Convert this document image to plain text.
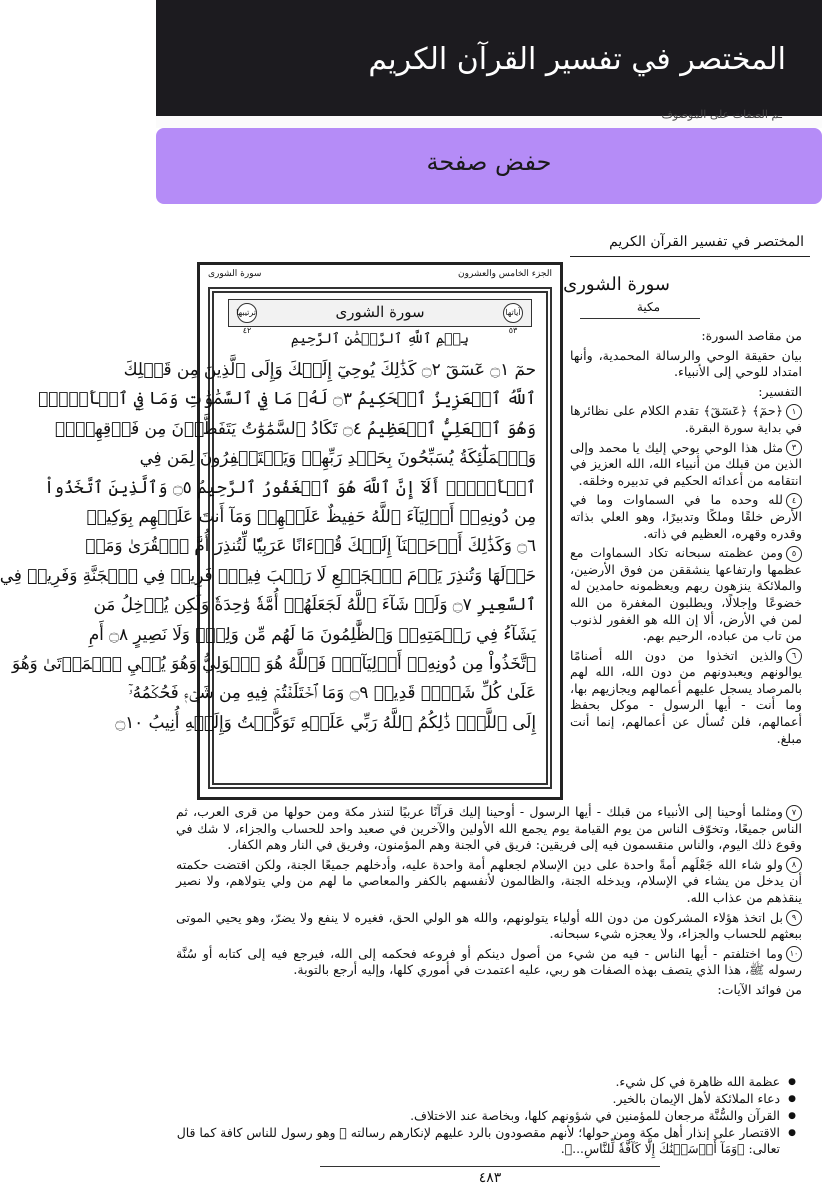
المختصر في تفسير القرآن الكريم
ـم الصفات على الموصوف
حفض صفحة
المختصر في تفسير القرآن الكريم
سورة الشورى
مكية
الجزء الخامس والعشرون
سورة الشورى
آياتها ٥٣
سورة الشورى
ترتيبها ٤٢
بِسۡمِ ٱللَّهِ ٱلرَّحۡمَٰنِ ٱلرَّحِيمِ
حمٓ ۝١ عٓسٓقٓ ۝٢ كَذَٰلِكَ يُوحِيٓ إِلَيۡكَ وَإِلَى ٱلَّذِينَ مِن قَبۡلِكَ
ٱللَّهُ ٱلۡعَزِيزُ ٱلۡحَكِيمُ ۝٣ لَهُۥ مَا فِي ٱلسَّمَٰوَٰتِ وَمَا فِي ٱلۡأَرۡضِۖ
وَهُوَ ٱلۡعَلِيُّ ٱلۡعَظِيمُ ۝٤ تَكَادُ ٱلسَّمَٰوَٰتُ يَتَفَطَّرۡنَ مِن فَوۡقِهِنَّۚ
وَٱلۡمَلَٰٓئِكَةُ يُسَبِّحُونَ بِحَمۡدِ رَبِّهِمۡ وَيَسۡتَغۡفِرُونَ لِمَن فِي
ٱلۡأَرۡضِۗ أَلَآ إِنَّ ٱللَّهَ هُوَ ٱلۡغَفُورُ ٱلرَّحِيمُ ۝٥ وَٱلَّذِينَ ٱتَّخَذُواْ
مِن دُونِهِۦٓ أَوۡلِيَآءَ ٱللَّهُ حَفِيظٌ عَلَيۡهِمۡ وَمَآ أَنتَ عَلَيۡهِم بِوَكِيلٖ
۝٦ وَكَذَٰلِكَ أَوۡحَيۡنَآ إِلَيۡكَ قُرۡءَانًا عَرَبِيّٗا لِّتُنذِرَ أُمَّ ٱلۡقُرَىٰ وَمَنۡ
حَوۡلَهَا وَتُنذِرَ يَوۡمَ ٱلۡجَمۡعِ لَا رَيۡبَ فِيهِۚ فَرِيقٞ فِي ٱلۡجَنَّةِ وَفَرِيقٞ فِي
ٱلسَّعِيرِ ۝٧ وَلَوۡ شَآءَ ٱللَّهُ لَجَعَلَهُمۡ أُمَّةٗ وَٰحِدَةٗ وَلَٰكِن يُدۡخِلُ مَن
يَشَآءُ فِي رَحۡمَتِهِۦۚ وَٱلظَّٰلِمُونَ مَا لَهُم مِّن وَلِيّٖ وَلَا نَصِيرٍ ۝٨ أَمِ
ٱتَّخَذُواْ مِن دُونِهِۦٓ أَوۡلِيَآءَۖ فَٱللَّهُ هُوَ ٱلۡوَلِيُّ وَهُوَ يُحۡيِ ٱلۡمَوۡتَىٰ وَهُوَ
عَلَىٰ كُلِّ شَيۡءٖ قَدِيرٞ ۝٩ وَمَا ٱخۡتَلَفۡتُمۡ فِيهِ مِن شَيۡءٖ فَحُكۡمُهُۥٓ
إِلَى ٱللَّهِۚ ذَٰلِكُمُ ٱللَّهُ رَبِّي عَلَيۡهِ تَوَكَّلۡتُ وَإِلَيۡهِ أُنِيبُ ۝١٠

من مقاصد السورة:

بيان حقيقة الوحي والرسالة المحمدية، وأنها امتداد للوحي إلى الأنبياء.

التفسير:

١﴿حمٓ﴾ ﴿عٓسٓقٓ﴾ تقدم الكلام على نظائرها في بداية سورة البقرة.

٣مثل هذا الوحي يوحي إليك يا محمد وإلى الذين من قبلك من أنبياء الله، الله العزيز في انتقامه من أعدائه الحكيم في تدبيره وخلقه.

٤لله وحده ما في السماوات وما في الأرض خلقًا وملكًا وتدبيرًا، وهو العلي بذاته وقدره وقهره، العظيم في ذاته.

٥ومن عظمته سبحانه تكاد السماوات مع عظمها وارتفاعها ينشققن من فوق الأرضين، والملائكة ينزهون ربهم ويعظمونه حامدين له خضوعًا وإجلالًا، ويطلبون المغفرة من الله لمن في الأرض، ألا إن الله هو الغفور لذنوب من تاب من عباده، الرحيم بهم.

٦والذين اتخذوا من دون الله أصنامًا يوالونهم ويعبدونهم من دون الله، الله لهم بالمرصاد يسجل عليهم أعمالهم ويجازيهم بها، وما أنت - أيها الرسول - موكل بحفظ أعمالهم، فلن تُسأل عن أعمالهم، إنما أنت مبلغ.

٧ومثلما أوحينا إلى الأنبياء من قبلك - أيها الرسول - أوحينا إليك قرآنًا عربيًا لتنذر مكة ومن حولها من قرى العرب، ثم الناس جميعًا، وتخوّف الناس من يوم القيامة يوم يجمع الله الأولين والآخرين في صعيد واحد للحساب والجزاء، لا شك في وقوع ذلك اليوم، والناس منقسمون فيه إلى فريقين: فريق في الجنة وهم المؤمنون، وفريق في النار وهم الكفار.

٨ولو شاء الله جَعْلَهم أمةً واحدة على دين الإسلام لجعلهم أمة واحدة عليه، وأدخلهم جميعًا الجنة، ولكن اقتضت حكمته أن يدخل من يشاء في الإسلام، ويدخله الجنة، والظالمون لأنفسهم بالكفر والمعاصي ما لهم من ولي يتولاهم، ولا نصير ينقذهم من عذاب الله.

٩بل اتخذ هؤلاء المشركون من دون الله أولياء يتولونهم، والله هو الولي الحق، فغيره لا ينفع ولا يضرّ، وهو يحيي الموتى ببعثهم للحساب والجزاء، ولا يعجزه شيء سبحانه.

١٠وما اختلفتم - أيها الناس - فيه من شيء من أصول دينكم أو فروعه فحكمه إلى الله، فيرجع فيه إلى كتابه أو سُنَّة رسوله ﷺ، هذا الذي يتصف بهذه الصفات هو ربي، عليه اعتمدت في أموري كلها، وإليه أرجع بالتوبة.

من فوائد الآيات:

● عظمة الله ظاهرة في كل شيء.
● دعاء الملائكة لأهل الإيمان بالخير.
● القرآن والسُّنَّة مرجعان للمؤمنين في شؤونهم كلها، وبخاصة عند الاختلاف.
● الاقتصار على إنذار أهل مكة ومن حولها؛ لأنهم مقصودون بالرد عليهم لإنكارهم رسالته ﷺ وهو رسول للناس كافة كما قال تعالى: ﴿وَمَآ أَرۡسَلۡنَٰكَ إِلَّا كَآفَّةٗ لِّلنَّاسِ...﴾.
٤٨٣
